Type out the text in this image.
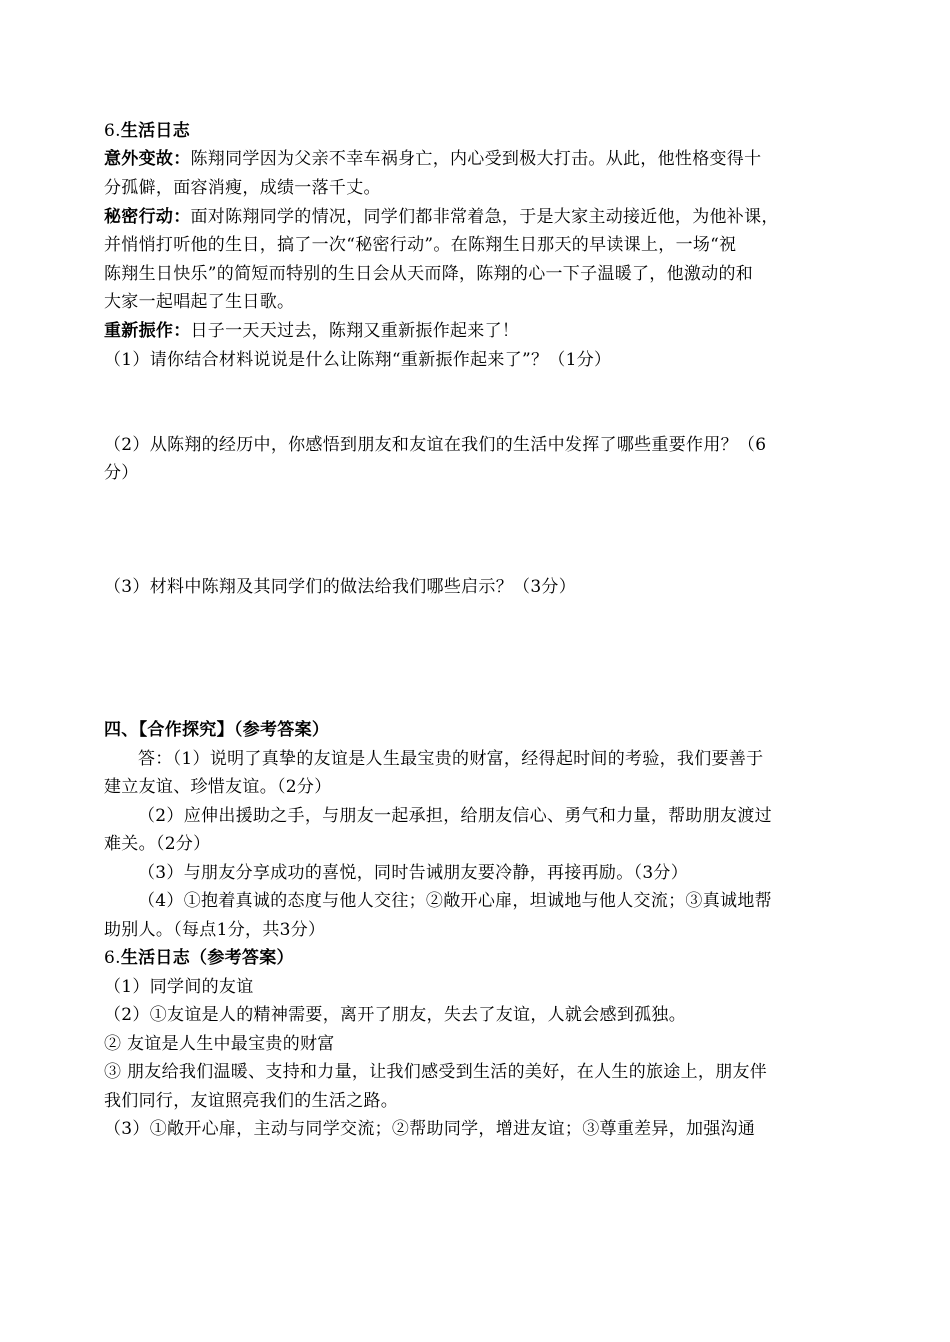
6.生活日志
意外变故：陈翔同学因为父亲不幸车祸身亡，内心受到极大打击。从此，他性格变得十
分孤僻，面容消瘦，成绩一落千丈。
秘密行动：面对陈翔同学的情况，同学们都非常着急，于是大家主动接近他，为他补课，
并悄悄打听他的生日，搞了一次“秘密行动”。在陈翔生日那天的早读课上，一场“祝
陈翔生日快乐”的简短而特别的生日会从天而降，陈翔的心一下子温暖了，他激动的和
大家一起唱起了生日歌。
重新振作：日子一天天过去，陈翔又重新振作起来了！
（1）请你结合材料说说是什么让陈翔“重新振作起来了”？（1分）
（2）从陈翔的经历中，你感悟到朋友和友谊在我们的生活中发挥了哪些重要作用？（6
分）
（3）材料中陈翔及其同学们的做法给我们哪些启示？（3分）
四、【合作探究】（参考答案）
答：（1）说明了真挚的友谊是人生最宝贵的财富，经得起时间的考验，我们要善于
建立友谊、珍惜友谊。（2分）
（2）应伸出援助之手，与朋友一起承担，给朋友信心、勇气和力量，帮助朋友渡过
难关。（2分）
（3）与朋友分享成功的喜悦，同时告诫朋友要冷静，再接再励。（3分）
（4）①抱着真诚的态度与他人交往；②敞开心扉，坦诚地与他人交流；③真诚地帮
助别人。（每点1分，共3分）
6.生活日志（参考答案）
（1）同学间的友谊
（2）①友谊是人的精神需要，离开了朋友，失去了友谊，人就会感到孤独。
② 友谊是人生中最宝贵的财富
③ 朋友给我们温暖、支持和力量，让我们感受到生活的美好，在人生的旅途上，朋友伴
我们同行，友谊照亮我们的生活之路。
（3）①敞开心扉，主动与同学交流；②帮助同学，增进友谊；③尊重差异，加强沟通
